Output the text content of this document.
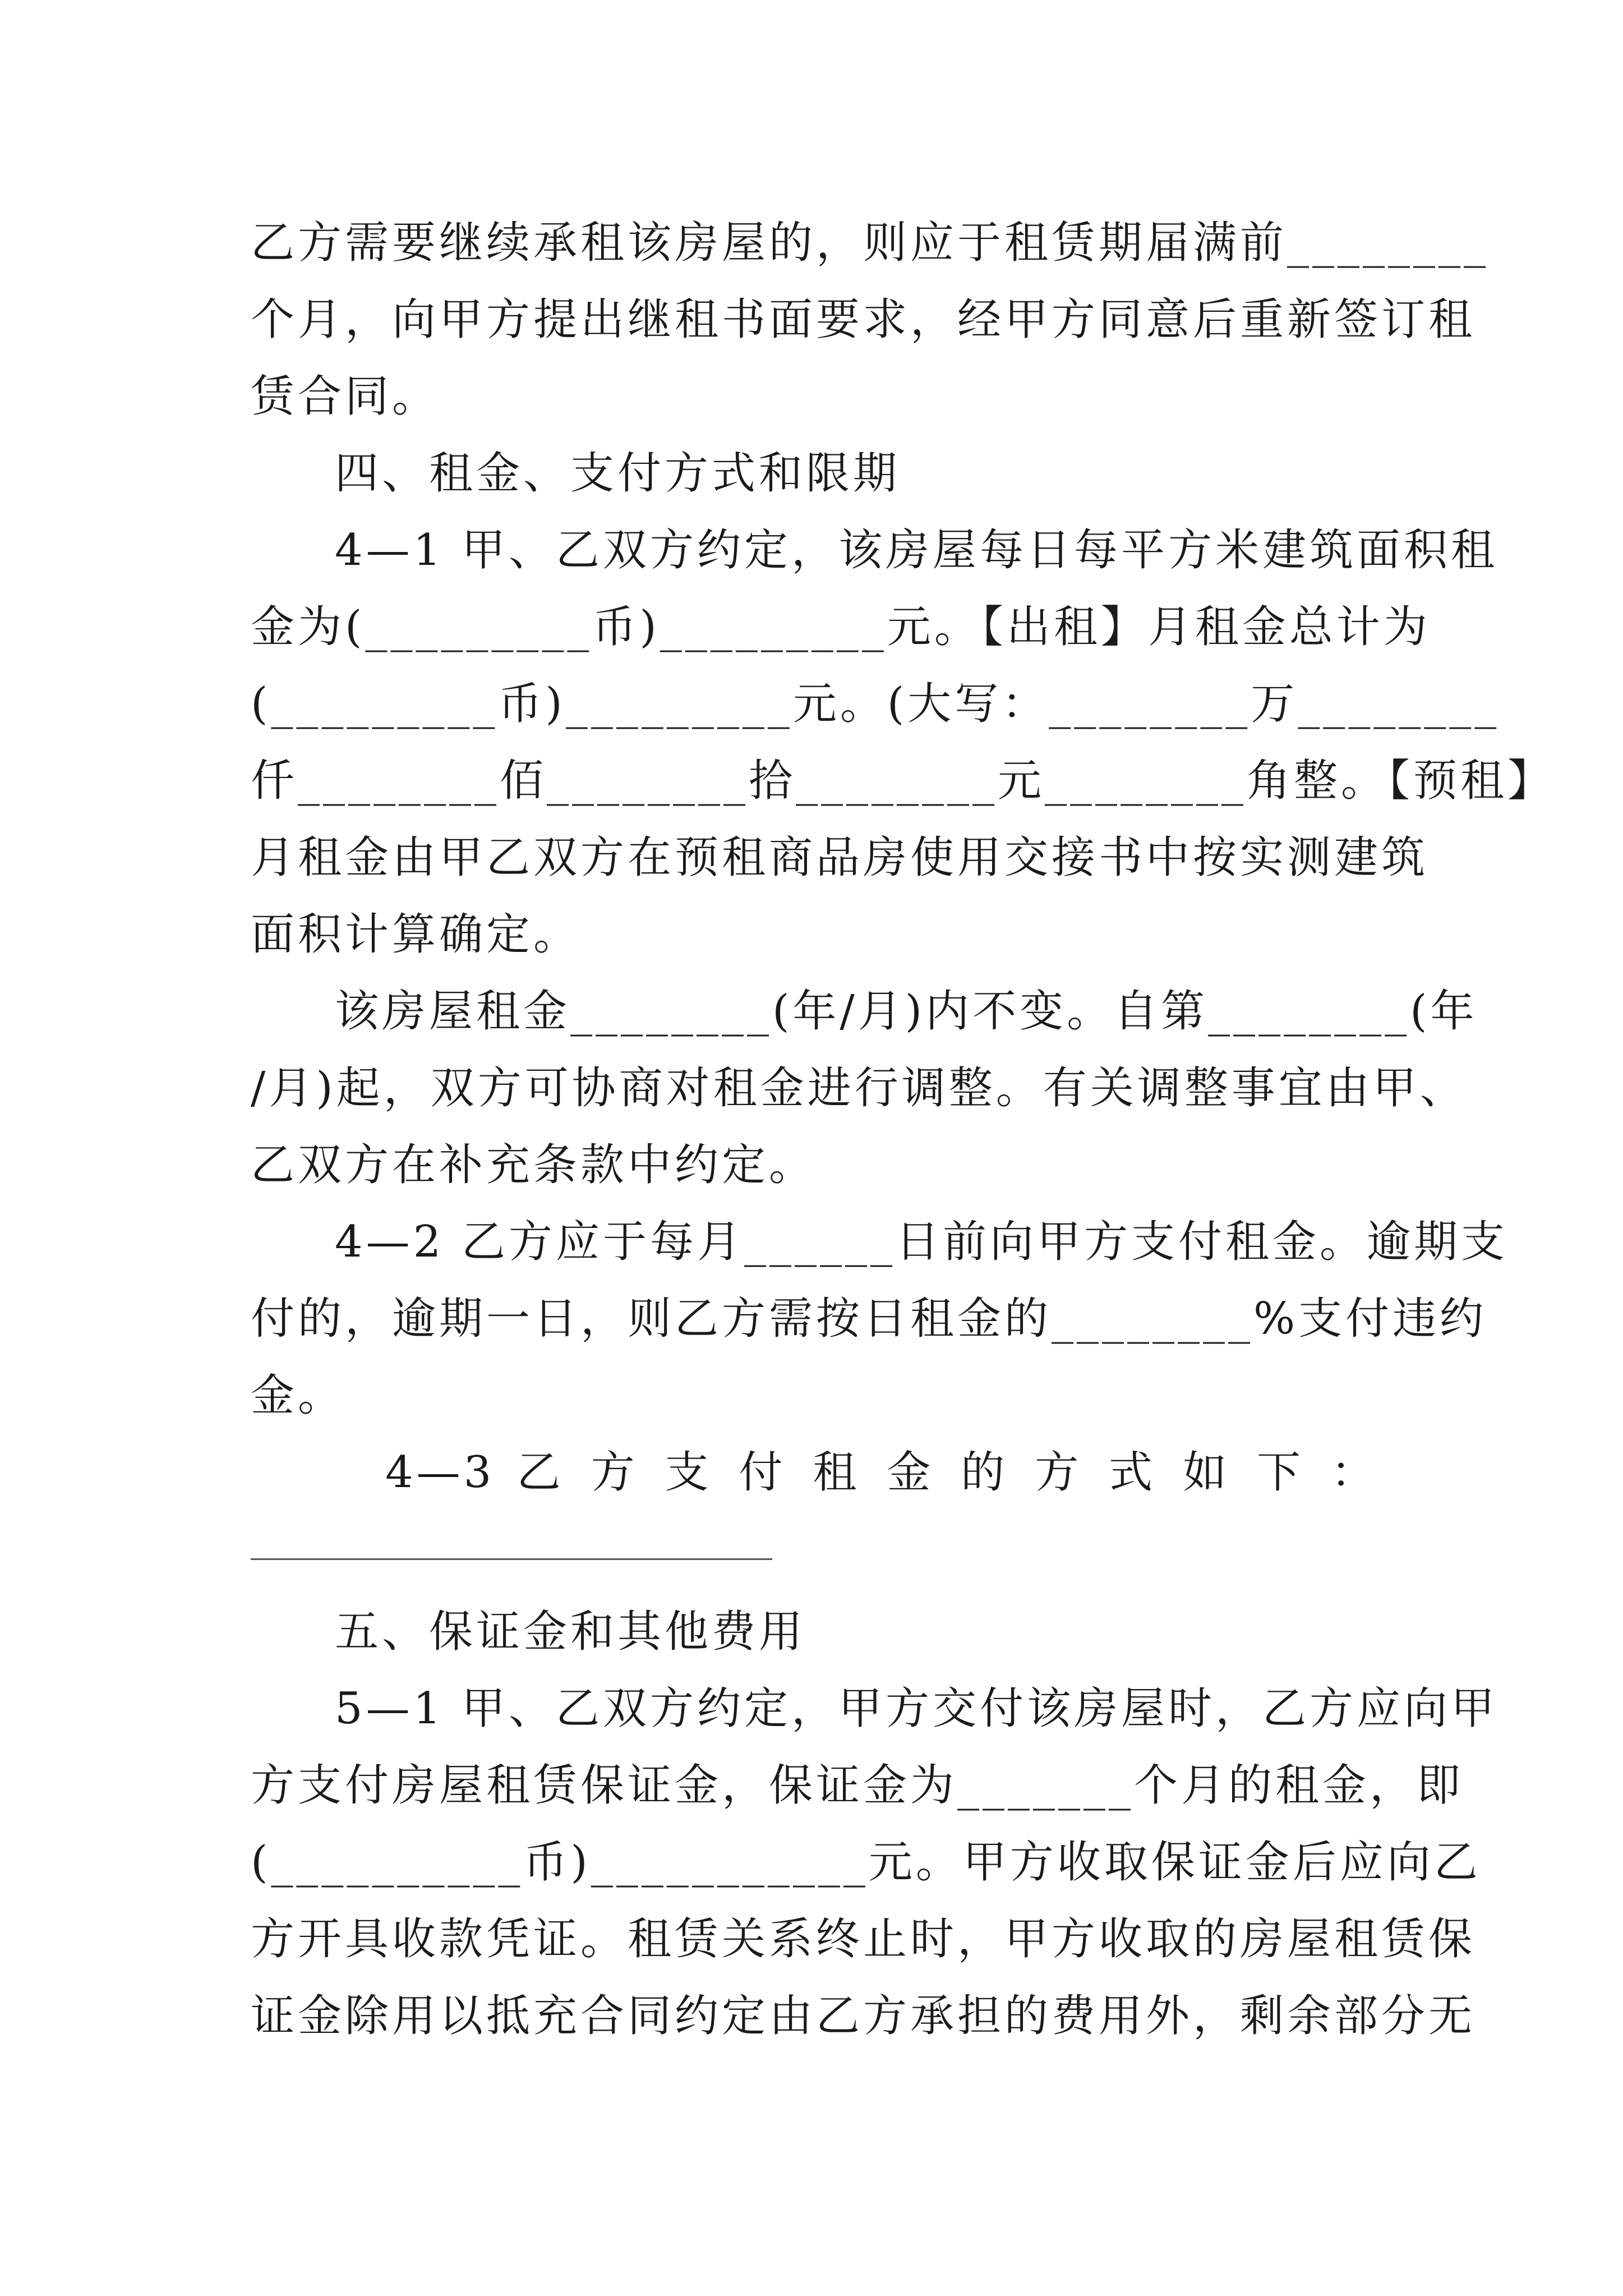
乙方需要继续承租该房屋的，则应于租赁期届满前________
个月，向甲方提出继租书面要求，经甲方同意后重新签订租
赁合同。
四、租金、支付方式和限期
4—1 甲、乙双方约定，该房屋每日每平方米建筑面积租
金为(_________币)_________元。【出租】月租金总计为
(_________币)_________元。(大写：________万________
仟________佰________拾________元________角整。【预租】
月租金由甲乙双方在预租商品房使用交接书中按实测建筑
面积计算确定。
该房屋租金________(年/月)内不变。自第________(年
/月)起，双方可协商对租金进行调整。有关调整事宜由甲、
乙双方在补充条款中约定。
4—2 乙方应于每月______日前向甲方支付租金。逾期支
付的，逾期一日，则乙方需按日租金的________%支付违约
金。
4—3 乙 方 支 付 租 金 的 方 式 如 下 ：
五、保证金和其他费用
5—1 甲、乙双方约定，甲方交付该房屋时，乙方应向甲
方支付房屋租赁保证金，保证金为_______个月的租金，即
(__________币)___________元。甲方收取保证金后应向乙
方开具收款凭证。租赁关系终止时，甲方收取的房屋租赁保
证金除用以抵充合同约定由乙方承担的费用外，剩余部分无
